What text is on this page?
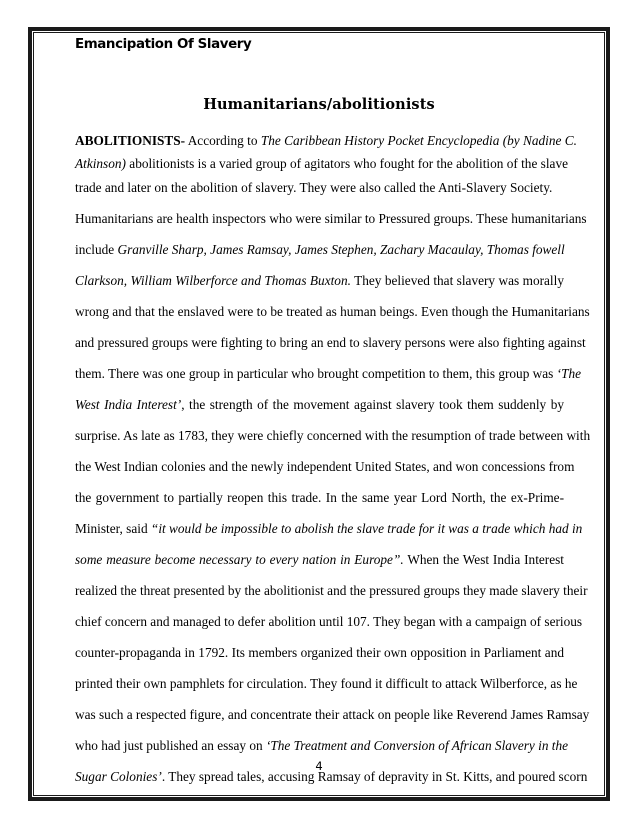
Emancipation Of Slavery
Humanitarians/abolitionists
ABOLITIONISTS- According to The Caribbean History Pocket Encyclopedia (by Nadine C.
Atkinson) abolitionists is a varied group of agitators who fought for the abolition of the slave
trade and later on the abolition of slavery. They were also called the Anti-Slavery Society.
Humanitarians are health inspectors who were similar to Pressured groups. These humanitarians
include Granville Sharp, James Ramsay, James Stephen, Zachary Macaulay, Thomas fowell
Clarkson, William Wilberforce and Thomas Buxton. They believed that slavery was morally
wrong and that the enslaved were to be treated as human beings. Even though the Humanitarians
and pressured groups were fighting to bring an end to slavery persons were also fighting against
them. There was one group in particular who brought competition to them, this group was ‘The
West India Interest’, the strength of the movement against slavery took them suddenly by
surprise. As late as 1783, they were chiefly concerned with the resumption of trade between with
the West Indian colonies and the newly independent United States, and won concessions from
the government to partially reopen this trade. In the same year Lord North, the ex-Prime-
Minister, said “it would be impossible to abolish the slave trade for it was a trade which had in
some measure become necessary to every nation in Europe”. When the West India Interest
realized the threat presented by the abolitionist and the pressured groups they made slavery their
chief concern and managed to defer abolition until 107. They began with a campaign of serious
counter-propaganda in 1792. Its members organized their own opposition in Parliament and
printed their own pamphlets for circulation. They found it difficult to attack Wilberforce, as he
was such a respected figure, and concentrate their attack on people like Reverend James Ramsay
who had just published an essay on ‘The Treatment and Conversion of African Slavery in the
Sugar Colonies’. They spread tales, accusing Ramsay of depravity in St. Kitts, and poured scorn
4
